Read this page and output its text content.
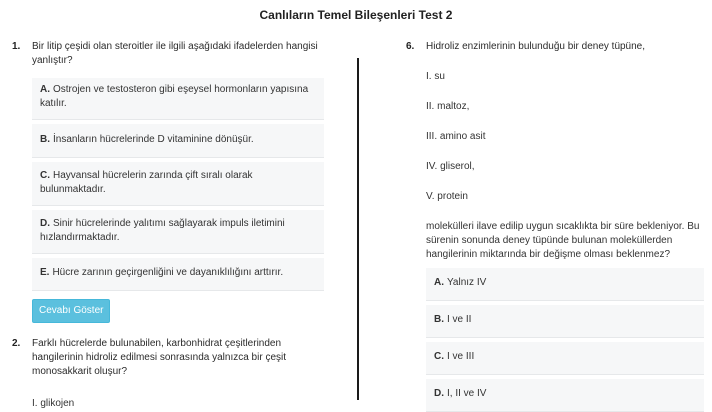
Canlıların Temel Bileşenleri Test 2
1.	Bir litip çeşidi olan steroitler ile ilgili aşağıdaki ifadelerden hangisi yanlıştır?
A. Ostrojen ve testosteron gibi eşeysel hormonların yapısına katılır.
B. İnsanların hücrelerinde D vitaminine dönüşür.
C. Hayvansal hücrelerin zarında çift sıralı olarak bulunmaktadır.
D. Sinir hücrelerinde yalıtımı sağlayarak impuls iletimini hızlandırmaktadır.
E. Hücre zarının geçirgenliğini ve dayanıklılığını arttırır.
Cevabı Göster
2.	Farklı hücrelerde bulunabilen, karbonhidrat çeşitlerinden hangilerinin hidroliz edilmesi sonrasında yalnızca bir çeşit monosakkarit oluşur?
I. glikojen
6.	Hidroliz enzimlerinin bulunduğu bir deney tüpüne,
I. su
II. maltoz,
III. amino asit
IV. gliserol,
V. protein
molekülleri ilave edilip uygun sıcaklıkta bir süre bekleniyor. Bu sürenin sonunda deney tüpünde bulunan moleküllerden hangilerinin miktarında bir değişme olması beklenmez?
A. Yalnız IV
B. I ve II
C. I ve III
D. I, II ve IV
